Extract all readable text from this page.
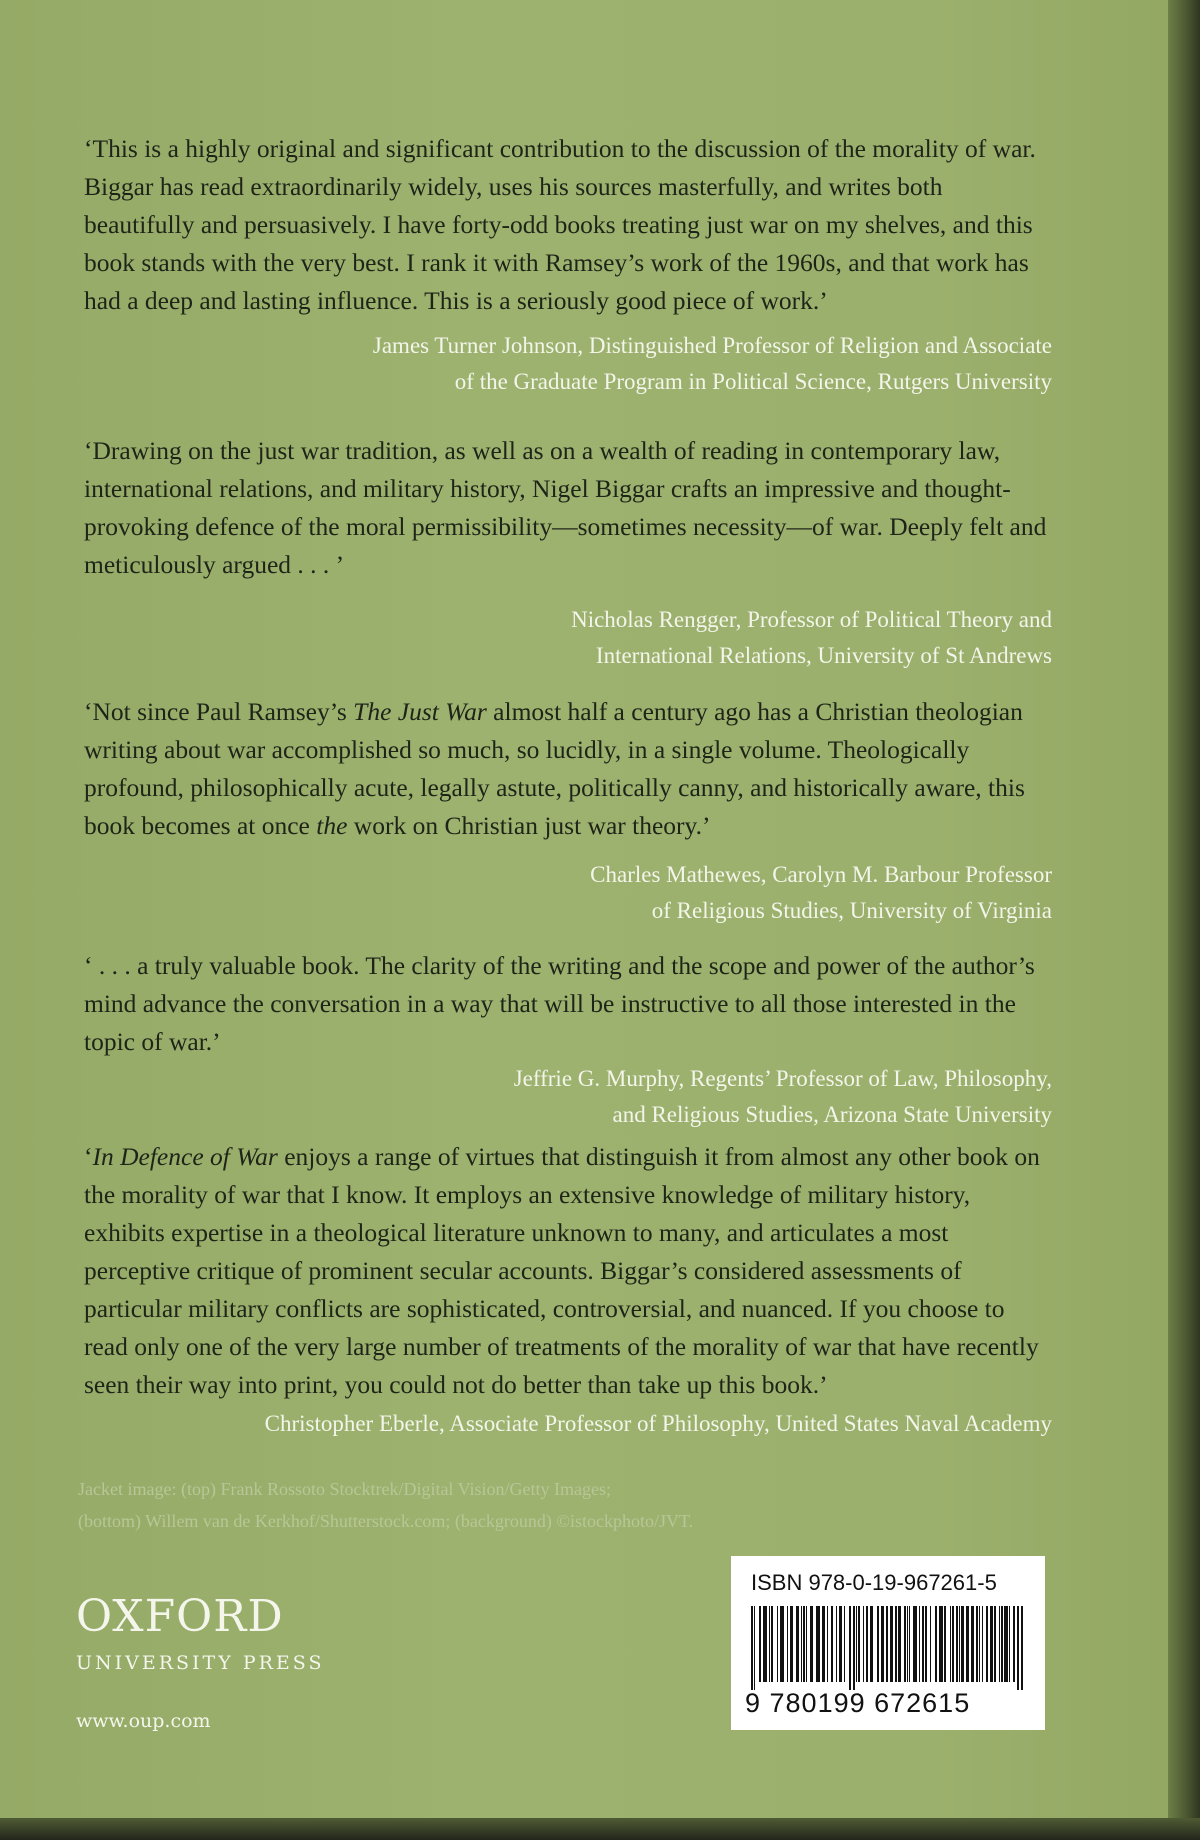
‘This is a highly original and significant contribution to the discussion of the morality of war. Biggar has read extraordinarily widely, uses his sources masterfully, and writes both beautifully and persuasively. I have forty-odd books treating just war on my shelves, and this book stands with the very best. I rank it with Ramsey’s work of the 1960s, and that work has had a deep and lasting influence. This is a seriously good piece of work.’

James Turner Johnson, Distinguished Professor of Religion and Associate
of the Graduate Program in Political Science, Rutgers University

‘Drawing on the just war tradition, as well as on a wealth of reading in contemporary law, international relations, and military history, Nigel Biggar crafts an impressive and thought-provoking defence of the moral permissibility—sometimes necessity—of war. Deeply felt and meticulously argued . . . ’

Nicholas Rengger, Professor of Political Theory and
International Relations, University of St Andrews

‘Not since Paul Ramsey’s The Just War almost half a century ago has a Christian theologian writing about war accomplished so much, so lucidly, in a single volume. Theologically profound, philosophically acute, legally astute, politically canny, and historically aware, this book becomes at once the work on Christian just war theory.’

Charles Mathewes, Carolyn M. Barbour Professor
of Religious Studies, University of Virginia

‘ . . . a truly valuable book. The clarity of the writing and the scope and power of the author’s mind advance the conversation in a way that will be instructive to all those interested in the topic of war.’

Jeffrie G. Murphy, Regents’ Professor of Law, Philosophy,
and Religious Studies, Arizona State University

‘In Defence of War enjoys a range of virtues that distinguish it from almost any other book on the morality of war that I know. It employs an extensive knowledge of military history, exhibits expertise in a theological literature unknown to many, and articulates a most perceptive critique of prominent secular accounts. Biggar’s considered assessments of particular military conflicts are sophisticated, controversial, and nuanced. If you choose to read only one of the very large number of treatments of the morality of war that have recently seen their way into print, you could not do better than take up this book.’

Christopher Eberle, Associate Professor of Philosophy, United States Naval Academy

Jacket image: (top) Frank Rossoto Stocktrek/Digital Vision/Getty Images;
(bottom) Willem van de Kerkhof/Shutterstock.com; (background) ©istockphoto/JVT.
OXFORD
UNIVERSITY PRESS
www.oup.com
ISBN 978-0-19-967261-5
9 780199 672615
